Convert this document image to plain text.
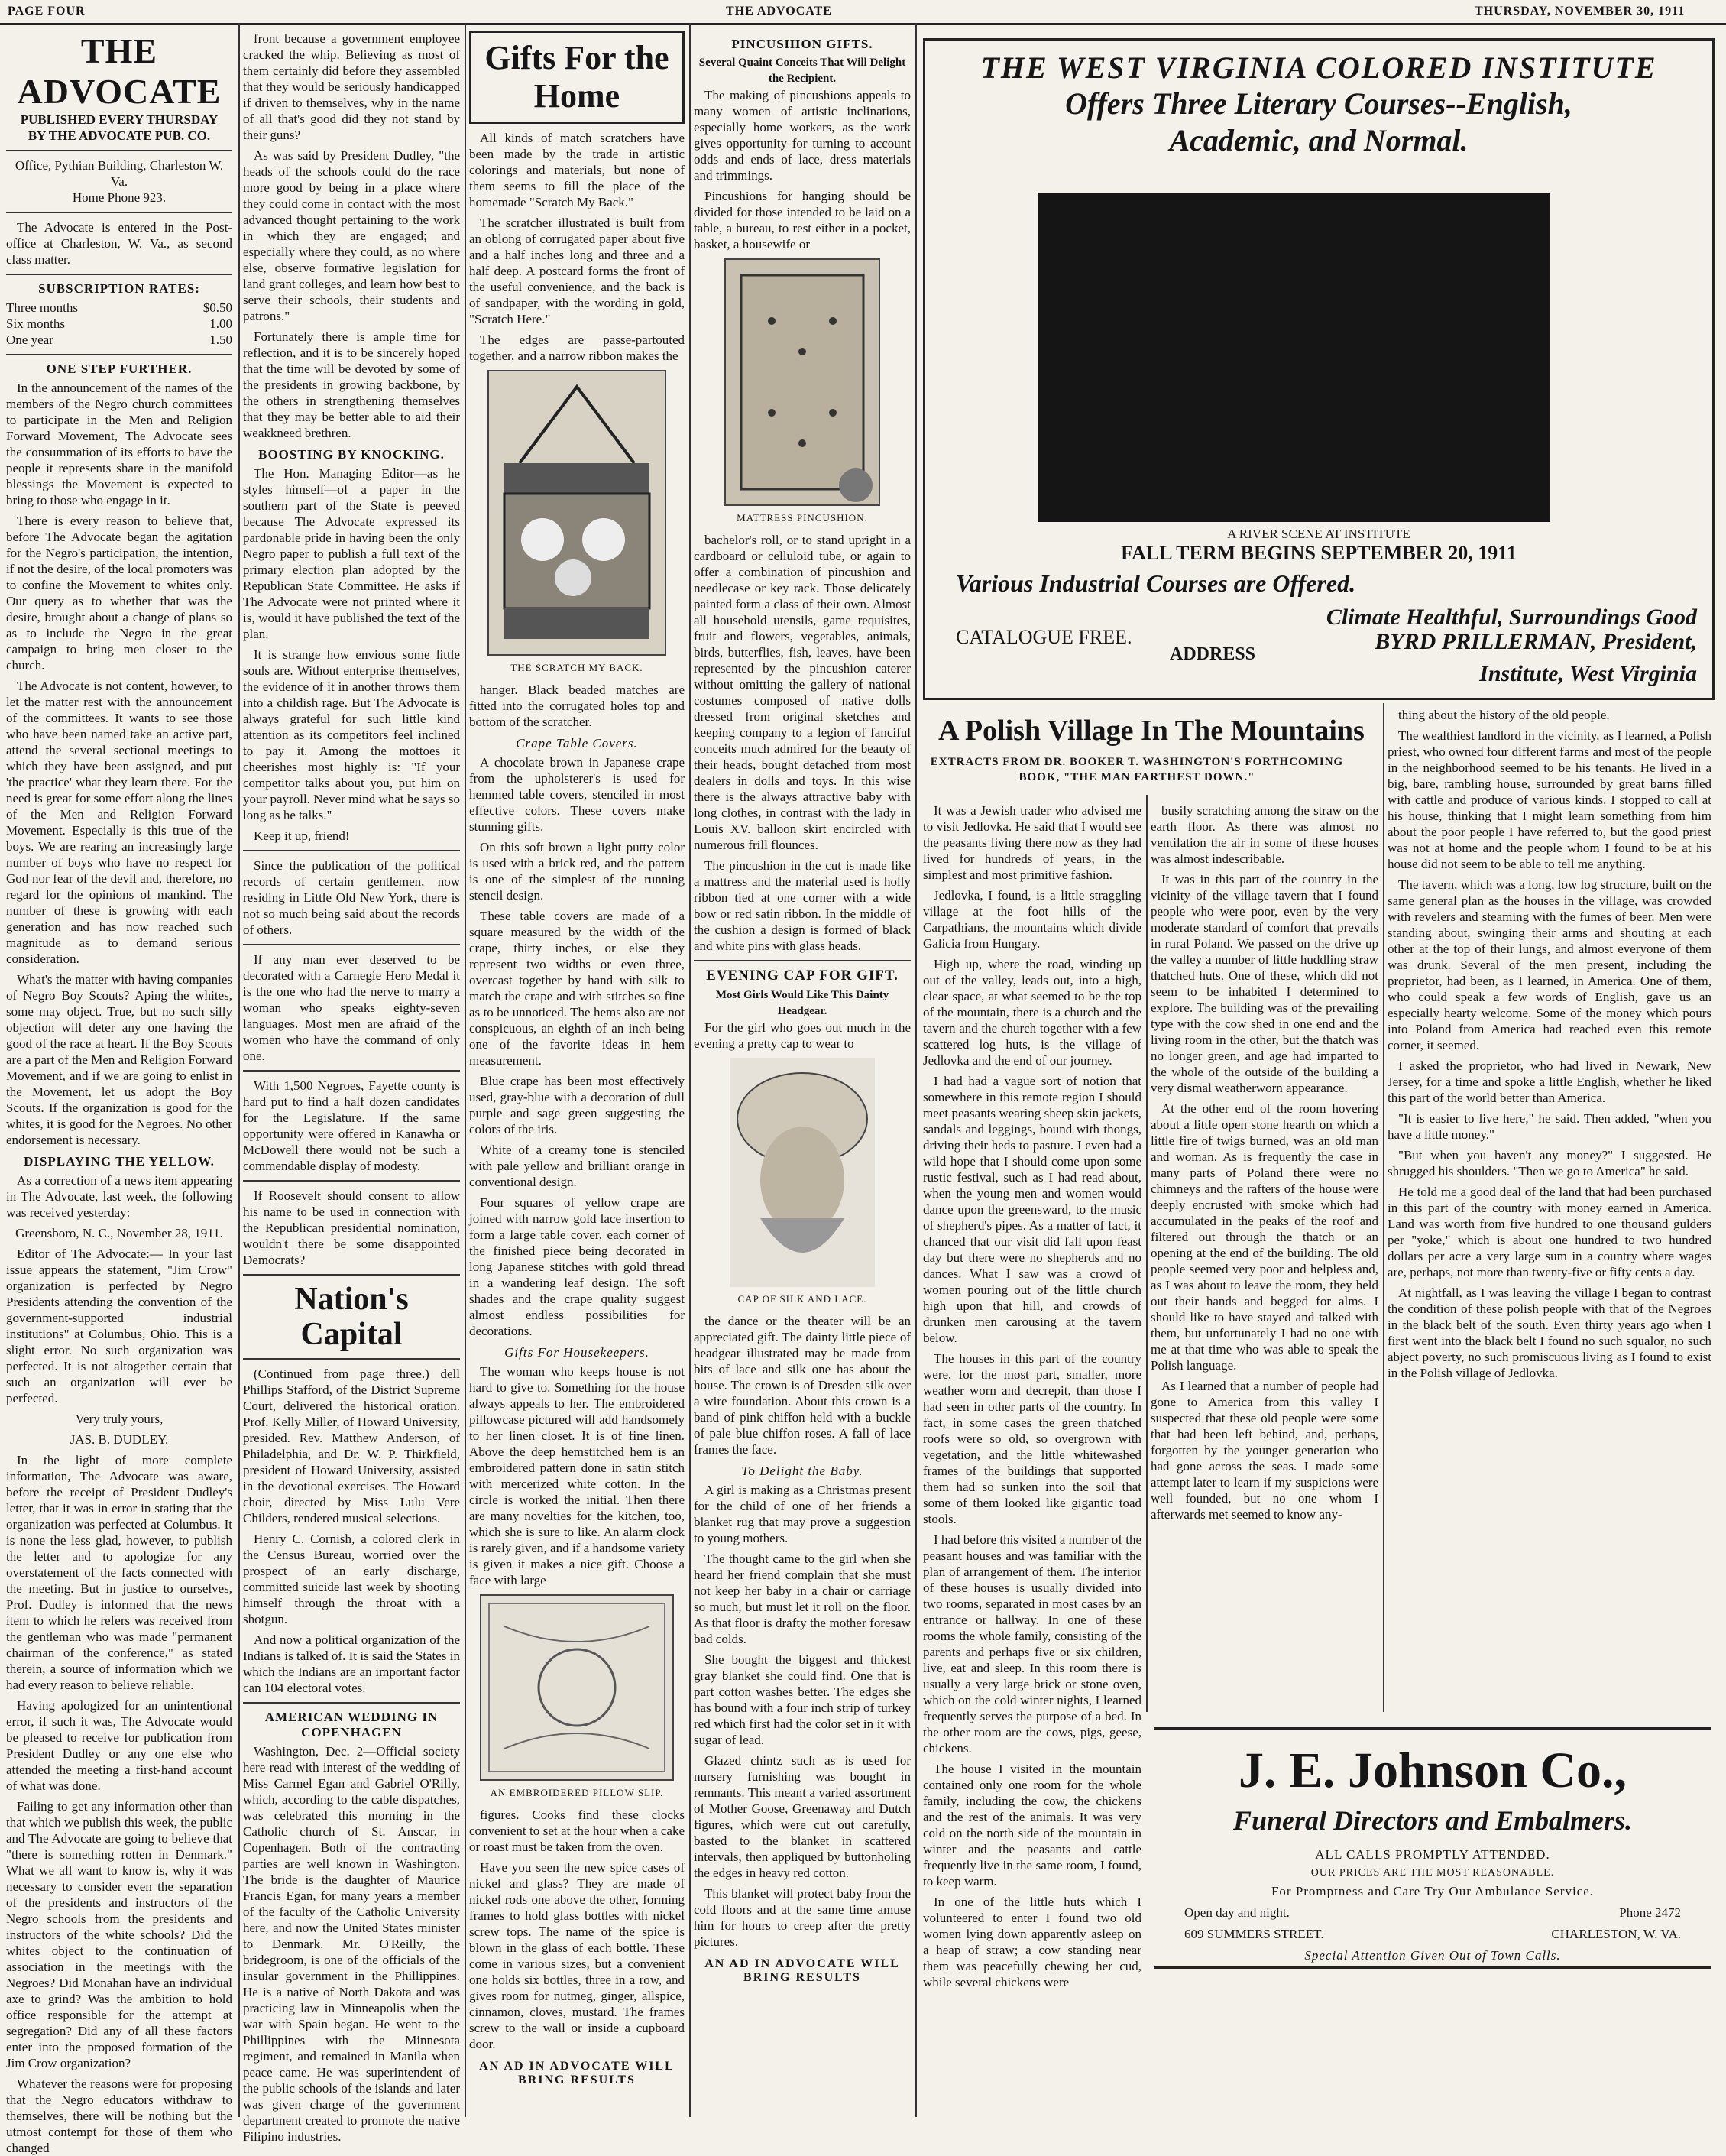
PAGE FOUR	THE ADVOCATE	THURSDAY, NOVEMBER 30, 1911
THE ADVOCATE
PUBLISHED EVERY THURSDAY
BY THE ADVOCATE PUB. CO.
Office, Pythian Building, Charleston W. Va.
Home Phone 923.

The Advocate is entered in the Post-office at Charleston, W. Va., as second class matter.

SUBSCRIPTION RATES:
Three months	$0.50
Six months	1.00
One year	1.50
ONE STEP FURTHER.

In the announcement of the names of the members of the Negro church committees to participate in the Men and Religion Forward Movement, The Advocate sees the consummation of its efforts to have the people it represents share in the manifold blessings the Movement is expected to bring to those who engage in it.

There is every reason to believe that, before The Advocate began the agitation for the Negro's participation, the intention, if not the desire, of the local promoters was to confine the Movement to whites only. Our query as to whether that was the desire, brought about a change of plans so as to include the Negro in the great campaign to bring men closer to the church.

The Advocate is not content, however, to let the matter rest with the announcement of the committees. It wants to see those who have been named take an active part, attend the several sectional meetings to which they have been assigned, and put 'the practice' what they learn there. For the need is great for some effort along the lines of the Men and Religion Forward Movement. Especially is this true of the boys. We are rearing an increasingly large number of boys who have no respect for God nor fear of the devil and, therefore, no regard for the opinions of mankind. The number of these is growing with each generation and has now reached such magnitude as to demand serious consideration.

What's the matter with having companies of Negro Boy Scouts? Aping the whites, some may object. True, but no such silly objection will deter any one having the good of the race at heart. If the Boy Scouts are a part of the Men and Religion Forward Movement, and if we are going to enlist in the Movement, let us adopt the Boy Scouts. If the organization is good for the whites, it is good for the Negroes. No other endorsement is necessary.

DISPLAYING THE YELLOW.

As a correction of a news item appearing in The Advocate, last week, the following was received yesterday:

Greensboro, N. C., November 28, 1911.

Editor of The Advocate:— In your last issue appears the statement, "Jim Crow" organization is perfected by Negro Presidents attending the convention of the government-supported industrial institutions" at Columbus, Ohio. This is a slight error. No such organization was perfected. It is not altogether certain that such an organization will ever be perfected.

Very truly yours,

JAS. B. DUDLEY.

In the light of more complete information, The Advocate was aware, before the receipt of President Dudley's letter, that it was in error in stating that the organization was perfected at Columbus. It is none the less glad, however, to publish the letter and to apologize for any overstatement of the facts connected with the meeting. But in justice to ourselves, Prof. Dudley is informed that the news item to which he refers was received from the gentleman who was made "permanent chairman of the conference," as stated therein, a source of information which we had every reason to believe reliable.

Having apologized for an unintentional error, if such it was, The Advocate would be pleased to receive for publication from President Dudley or any one else who attended the meeting a first-hand account of what was done.

Failing to get any information other than that which we publish this week, the public and The Advocate are going to believe that "there is something rotten in Denmark." What we all want to know is, why it was necessary to consider even the separation of the presidents and instructors of the Negro schools from the presidents and instructors of the white schools? Did the whites object to the continuation of association in the meetings with the Negroes? Did Monahan have an individual axe to grind? Was the ambition to hold office responsible for the attempt at segregation? Did any of all these factors enter into the proposed formation of the Jim Crow organization?

Whatever the reasons were for proposing that the Negro educators withdraw to themselves, there will be nothing but the utmost contempt for those of them who changed

front because a government employee cracked the whip. Believing as most of them certainly did before they assembled that they would be seriously handicapped if driven to themselves, why in the name of all that's good did they not stand by their guns?

As was said by President Dudley, "the heads of the schools could do the race more good by being in a place where they could come in contact with the most advanced thought pertaining to the work in which they are engaged; and especially where they could, as no where else, observe formative legislation for land grant colleges, and learn how best to serve their schools, their students and patrons."

Fortunately there is ample time for reflection, and it is to be sincerely hoped that the time will be devoted by some of the presidents in growing backbone, by the others in strengthening themselves that they may be better able to aid their weakkneed brethren.

BOOSTING BY KNOCKING.

The Hon. Managing Editor—as he styles himself—of a paper in the southern part of the State is peeved because The Advocate expressed its pardonable pride in having been the only Negro paper to publish a full text of the primary election plan adopted by the Republican State Committee. He asks if The Advocate were not printed where it is, would it have published the text of the plan.

It is strange how envious some little souls are. Without enterprise themselves, the evidence of it in another throws them into a childish rage. But The Advocate is always grateful for such little kind attention as its competitors feel inclined to pay it. Among the mottoes it cheerishes most highly is: "If your competitor talks about you, put him on your payroll. Never mind what he says so long as he talks."

Keep it up, friend!

Since the publication of the political records of certain gentlemen, now residing in Little Old New York, there is not so much being said about the records of others.

If any man ever deserved to be decorated with a Carnegie Hero Medal it is the one who had the nerve to marry a woman who speaks eighty-seven languages. Most men are afraid of the women who have the command of only one.

With 1,500 Negroes, Fayette county is hard put to find a half dozen candidates for the Legislature. If the same opportunity were offered in Kanawha or McDowell there would not be such a commendable display of modesty.

If Roosevelt should consent to allow his name to be used in connection with the Republican presidential nomination, wouldn't there be some disappointed Democrats?

Nation's Capital

(Continued from page three.) dell Phillips Stafford, of the District Supreme Court, delivered the historical oration. Prof. Kelly Miller, of Howard University, presided. Rev. Matthew Anderson, of Philadelphia, and Dr. W. P. Thirkfield, president of Howard University, assisted in the devotional exercises. The Howard choir, directed by Miss Lulu Vere Childers, rendered musical selections.

Henry C. Cornish, a colored clerk in the Census Bureau, worried over the prospect of an early discharge, committed suicide last week by shooting himself through the throat with a shotgun.

And now a political organization of the Indians is talked of. It is said the States in which the Indians are an important factor can 104 electoral votes.

AMERICAN WEDDING IN COPENHAGEN

Washington, Dec. 2—Official society here read with interest of the wedding of Miss Carmel Egan and Gabriel O'Rilly, which, according to the cable dispatches, was celebrated this morning in the Catholic church of St. Anscar, in Copenhagen. Both of the contracting parties are well known in Washington. The bride is the daughter of Maurice Francis Egan, for many years a member of the faculty of the Catholic University here, and now the United States minister to Denmark. Mr. O'Reilly, the bridegroom, is one of the officials of the insular government in the Phillippines. He is a native of North Dakota and was practicing law in Minneapolis when the war with Spain began. He went to the Phillippines with the Minnesota regiment, and remained in Manila when peace came. He was superintendent of the public schools of the islands and later was given charge of the government department created to promote the native Filipino industries.

Gifts For the
Home

All kinds of match scratchers have been made by the trade in artistic colorings and materials, but none of them seems to fill the place of the homemade "Scratch My Back."

The scratcher illustrated is built from an oblong of corrugated paper about five and a half inches long and three and a half deep. A postcard forms the front of the useful convenience, and the back is of sandpaper, with the wording in gold, "Scratch Here."

The edges are passe-partouted together, and a narrow ribbon makes the

THE SCRATCH MY BACK.

hanger. Black beaded matches are fitted into the corrugated holes top and bottom of the scratcher.

Crape Table Covers.

A chocolate brown in Japanese crape from the upholsterer's is used for hemmed table covers, stenciled in most effective colors. These covers make stunning gifts.

On this soft brown a light putty color is used with a brick red, and the pattern is one of the simplest of the running stencil design.

These table covers are made of a square measured by the width of the crape, thirty inches, or else they represent two widths or even three, overcast together by hand with silk to match the crape and with stitches so fine as to be unnoticed. The hems also are not conspicuous, an eighth of an inch being one of the favorite ideas in hem measurement.

Blue crape has been most effectively used, gray-blue with a decoration of dull purple and sage green suggesting the colors of the iris.

White of a creamy tone is stenciled with pale yellow and brilliant orange in conventional design.

Four squares of yellow crape are joined with narrow gold lace insertion to form a large table cover, each corner of the finished piece being decorated in long Japanese stitches with gold thread in a wandering leaf design. The soft shades and the crape quality suggest almost endless possibilities for decorations.

Gifts For Housekeepers.

The woman who keeps house is not hard to give to. Something for the house always appeals to her. The embroidered pillowcase pictured will add handsomely to her linen closet. It is of fine linen. Above the deep hemstitched hem is an embroidered pattern done in satin stitch with mercerized white cotton. In the circle is worked the initial. Then there are many novelties for the kitchen, too, which she is sure to like. An alarm clock is rarely given, and if a handsome variety is given it makes a nice gift. Choose a face with large

AN EMBROIDERED PILLOW SLIP.

figures. Cooks find these clocks convenient to set at the hour when a cake or roast must be taken from the oven.

Have you seen the new spice cases of nickel and glass? They are made of nickel rods one above the other, forming frames to hold glass bottles with nickel screw tops. The name of the spice is blown in the glass of each bottle. These come in various sizes, but a convenient one holds six bottles, three in a row, and gives room for nutmeg, ginger, allspice, cinnamon, cloves, mustard. The frames screw to the wall or inside a cupboard door.

AN AD IN ADVOCATE WILL BRING RESULTS
PINCUSHION GIFTS.
Several Quaint Conceits That Will Delight the Recipient.

The making of pincushions appeals to many women of artistic inclinations, especially home workers, as the work gives opportunity for turning to account odds and ends of lace, dress materials and trimmings.

Pincushions for hanging should be divided for those intended to be laid on a table, a bureau, to rest either in a pocket, basket, a housewife or

MATTRESS PINCUSHION.

bachelor's roll, or to stand upright in a cardboard or celluloid tube, or again to offer a combination of pincushion and needlecase or key rack. Those delicately painted form a class of their own. Almost all household utensils, game requisites, fruit and flowers, vegetables, animals, birds, butterflies, fish, leaves, have been represented by the pincushion caterer without omitting the gallery of national costumes composed of native dolls dressed from original sketches and keeping company to a legion of fanciful conceits much admired for the beauty of their heads, bought detached from most dealers in dolls and toys. In this wise there is the always attractive baby with long clothes, in contrast with the lady in Louis XV. balloon skirt encircled with numerous frill flounces.

The pincushion in the cut is made like a mattress and the material used is holly ribbon tied at one corner with a wide bow or red satin ribbon. In the middle of the cushion a design is formed of black and white pins with glass heads.

EVENING CAP FOR GIFT.
Most Girls Would Like This Dainty Headgear.

For the girl who goes out much in the evening a pretty cap to wear to

CAP OF SILK AND LACE.

the dance or the theater will be an appreciated gift. The dainty little piece of headgear illustrated may be made from bits of lace and silk one has about the house. The crown is of Dresden silk over a wire foundation. About this crown is a band of pink chiffon held with a buckle of pale blue chiffon roses. A fall of lace frames the face.

To Delight the Baby.

A girl is making as a Christmas present for the child of one of her friends a blanket rug that may prove a suggestion to young mothers.

The thought came to the girl when she heard her friend complain that she must not keep her baby in a chair or carriage so much, but must let it roll on the floor. As that floor is drafty the mother foresaw bad colds.

She bought the biggest and thickest gray blanket she could find. One that is part cotton washes better. The edges she has bound with a four inch strip of turkey red which first had the color set in it with sugar of lead.

Glazed chintz such as is used for nursery furnishing was bought in remnants. This meant a varied assortment of Mother Goose, Greenaway and Dutch figures, which were cut out carefully, basted to the blanket in scattered intervals, then appliqued by buttonholing the edges in heavy red cotton.

This blanket will protect baby from the cold floors and at the same time amuse him for hours to creep after the pretty pictures.

AN AD IN ADVOCATE WILL BRING RESULTS
THE WEST VIRGINIA COLORED INSTITUTE
Offers Three Literary Courses--English,
Academic, and Normal.
A RIVER SCENE AT INSTITUTE
FALL TERM BEGINS SEPTEMBER 20, 1911
Various Industrial Courses are Offered.
Climate Healthful, Surroundings Good
CATALOGUE FREE.
ADDRESS	BYRD PRILLERMAN, President,
Institute, West Virginia
A Polish Village In The Mountains
EXTRACTS FROM DR. BOOKER T. WASHINGTON'S FORTHCOMING BOOK, "THE MAN FARTHEST DOWN."

It was a Jewish trader who advised me to visit Jedlovka. He said that I would see the peasants living there now as they had lived for hundreds of years, in the simplest and most primitive fashion.

Jedlovka, I found, is a little straggling village at the foot hills of the Carpathians, the mountains which divide Galicia from Hungary.

High up, where the road, winding up out of the valley, leads out, into a high, clear space, at what seemed to be the top of the mountain, there is a church and the tavern and the church together with a few scattered log huts, is the village of Jedlovka and the end of our journey.

I had had a vague sort of notion that somewhere in this remote region I should meet peasants wearing sheep skin jackets, sandals and leggings, bound with thongs, driving their heds to pasture. I even had a wild hope that I should come upon some rustic festival, such as I had read about, when the young men and women would dance upon the greensward, to the music of shepherd's pipes. As a matter of fact, it chanced that our visit did fall upon feast day but there were no shepherds and no dances. What I saw was a crowd of women pouring out of the little church high upon that hill, and crowds of drunken men carousing at the tavern below.

The houses in this part of the country were, for the most part, smaller, more weather worn and decrepit, than those I had seen in other parts of the country. In fact, in some cases the green thatched roofs were so old, so overgrown with vegetation, and the little whitewashed frames of the buildings that supported them had so sunken into the soil that some of them looked like gigantic toad stools.

I had before this visited a number of the peasant houses and was familiar with the plan of arrangement of them. The interior of these houses is usually divided into two rooms, separated in most cases by an entrance or hallway. In one of these rooms the whole family, consisting of the parents and perhaps five or six children, live, eat and sleep. In this room there is usually a very large brick or stone oven, which on the cold winter nights, I learned frequently serves the purpose of a bed. In the other room are the cows, pigs, geese, chickens.

The house I visited in the mountain contained only one room for the whole family, including the cow, the chickens and the rest of the animals. It was very cold on the north side of the mountain in winter and the peasants and cattle frequently live in the same room, I found, to keep warm.

In one of the little huts which I volunteered to enter I found two old women lying down apparently asleep on a heap of straw; a cow standing near them was peacefully chewing her cud, while several chickens were

busily scratching among the straw on the earth floor. As there was almost no ventilation the air in some of these houses was almost indescribable.

It was in this part of the country in the vicinity of the village tavern that I found people who were poor, even by the very moderate standard of comfort that prevails in rural Poland. We passed on the drive up the valley a number of little huddling straw thatched huts. One of these, which did not seem to be inhabited I determined to explore. The building was of the prevailing type with the cow shed in one end and the living room in the other, but the thatch was no longer green, and age had imparted to the whole of the outside of the building a very dismal weatherworn appearance.

At the other end of the room hovering about a little open stone hearth on which a little fire of twigs burned, was an old man and woman. As is frequently the case in many parts of Poland there were no chimneys and the rafters of the house were deeply encrusted with smoke which had accumulated in the peaks of the roof and filtered out through the thatch or an opening at the end of the building. The old people seemed very poor and helpless and, as I was about to leave the room, they held out their hands and begged for alms. I should like to have stayed and talked with them, but unfortunately I had no one with me at that time who was able to speak the Polish language.

As I learned that a number of people had gone to America from this valley I suspected that these old people were some that had been left behind, and, perhaps, forgotten by the younger generation who had gone across the seas. I made some attempt later to learn if my suspicions were well founded, but no one whom I afterwards met seemed to know any-

thing about the history of the old people.

The wealthiest landlord in the vicinity, as I learned, a Polish priest, who owned four different farms and most of the people in the neighborhood seemed to be his tenants. He lived in a big, bare, rambling house, surrounded by great barns filled with cattle and produce of various kinds. I stopped to call at his house, thinking that I might learn something from him about the poor people I have referred to, but the good priest was not at home and the people whom I found to be at his house did not seem to be able to tell me anything.

The tavern, which was a long, low log structure, built on the same general plan as the houses in the village, was crowded with revelers and steaming with the fumes of beer. Men were standing about, swinging their arms and shouting at each other at the top of their lungs, and almost everyone of them was drunk. Several of the men present, including the proprietor, had been, as I learned, in America. One of them, who could speak a few words of English, gave us an especially hearty welcome. Some of the money which pours into Poland from America had reached even this remote corner, it seemed.

I asked the proprietor, who had lived in Newark, New Jersey, for a time and spoke a little English, whether he liked this part of the world better than America.

"It is easier to live here," he said. Then added, "when you have a little money."

"But when you haven't any money?" I suggested. He shrugged his shoulders. "Then we go to America" he said.

He told me a good deal of the land that had been purchased in this part of the country with money earned in America. Land was worth from five hundred to one thousand gulders per "yoke," which is about one hundred to two hundred dollars per acre a very large sum in a country where wages are, perhaps, not more than twenty-five or fifty cents a day.

At nightfall, as I was leaving the village I began to contrast the condition of these polish people with that of the Negroes in the black belt of the south. Even thirty years ago when I first went into the black belt I found no such squalor, no such abject poverty, no such promiscuous living as I found to exist in the Polish village of Jedlovka.

J. E. Johnson Co.,
Funeral Directors and Embalmers.
ALL CALLS PROMPTLY ATTENDED.
OUR PRICES ARE THE MOST REASONABLE.
For Promptness and Care Try Our Ambulance Service.
Open day and night.	Phone 2472
609 SUMMERS STREET.	CHARLESTON, W. VA.
Special Attention Given Out of Town Calls.
